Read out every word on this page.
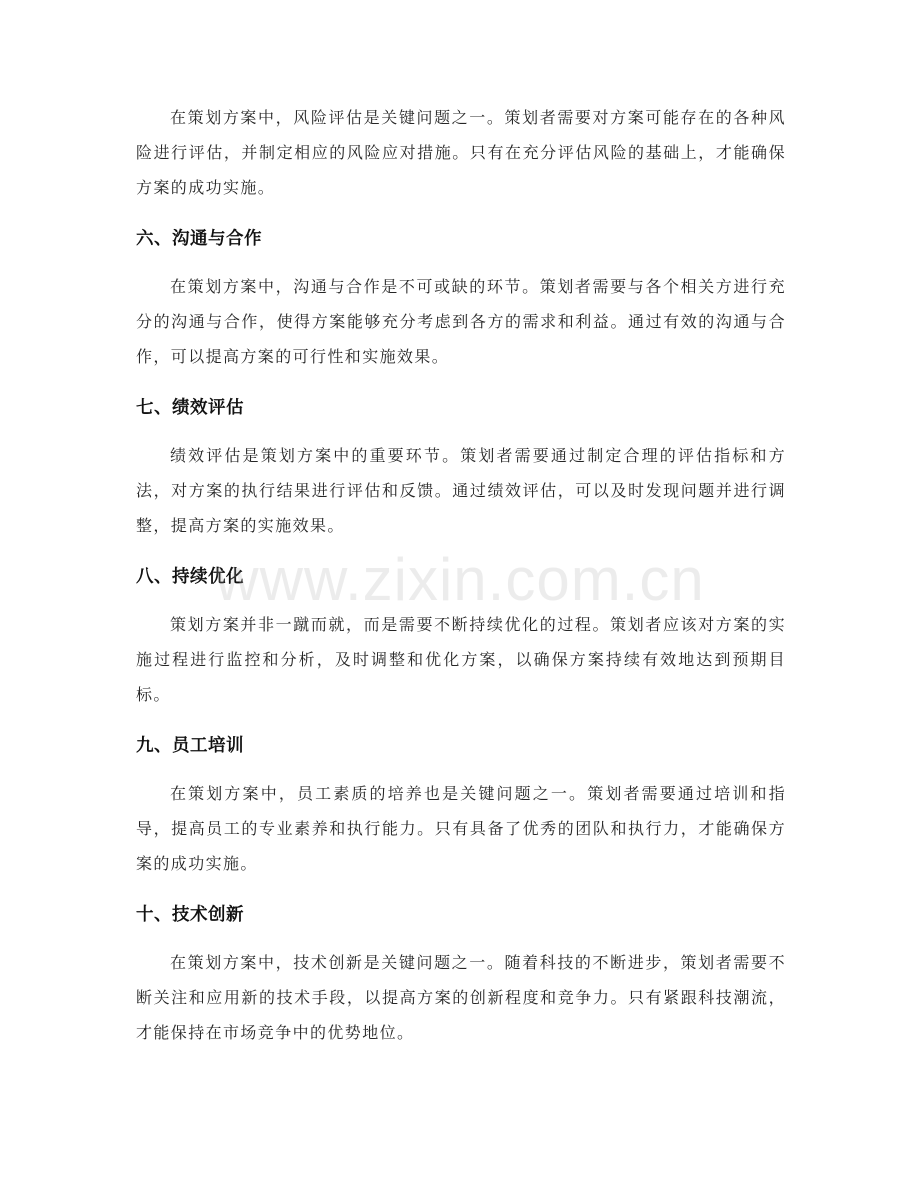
在策划方案中，风险评估是关键问题之一。策划者需要对方案可能存在的各种风险进行评估，并制定相应的风险应对措施。只有在充分评估风险的基础上，才能确保方案的成功实施。

六、沟通与合作

在策划方案中，沟通与合作是不可或缺的环节。策划者需要与各个相关方进行充分的沟通与合作，使得方案能够充分考虑到各方的需求和利益。通过有效的沟通与合作，可以提高方案的可行性和实施效果。

七、绩效评估

绩效评估是策划方案中的重要环节。策划者需要通过制定合理的评估指标和方法，对方案的执行结果进行评估和反馈。通过绩效评估，可以及时发现问题并进行调整，提高方案的实施效果。

八、持续优化

策划方案并非一蹴而就，而是需要不断持续优化的过程。策划者应该对方案的实施过程进行监控和分析，及时调整和优化方案，以确保方案持续有效地达到预期目标。

九、员工培训

在策划方案中，员工素质的培养也是关键问题之一。策划者需要通过培训和指导，提高员工的专业素养和执行能力。只有具备了优秀的团队和执行力，才能确保方案的成功实施。

十、技术创新

在策划方案中，技术创新是关键问题之一。随着科技的不断进步，策划者需要不断关注和应用新的技术手段，以提高方案的创新程度和竞争力。只有紧跟科技潮流，才能保持在市场竞争中的优势地位。

www.zixin.com.cn
